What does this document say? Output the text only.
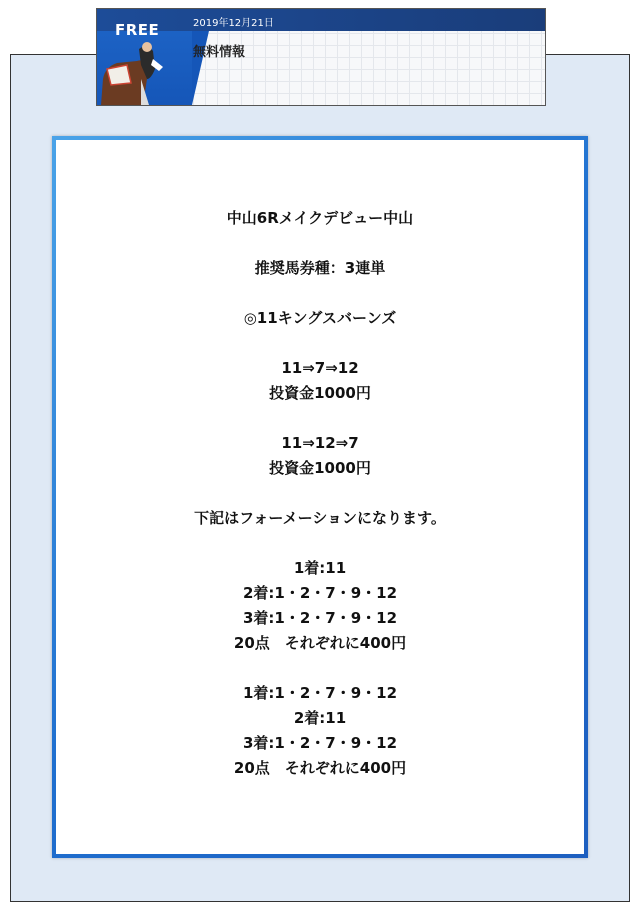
FREE	2019年12月21日
無料情報

中山6Rメイクデビュー中山

推奨馬券種：3連単

◎11キングスバーンズ

11⇒7⇒12

投資金1000円

11⇒12⇒7

投資金1000円

下記はフォーメーションになります。

1着:11

2着:1・2・7・9・12

3着:1・2・7・9・12

20点　それぞれに400円

1着:1・2・7・9・12

2着:11

3着:1・2・7・9・12

20点　それぞれに400円
